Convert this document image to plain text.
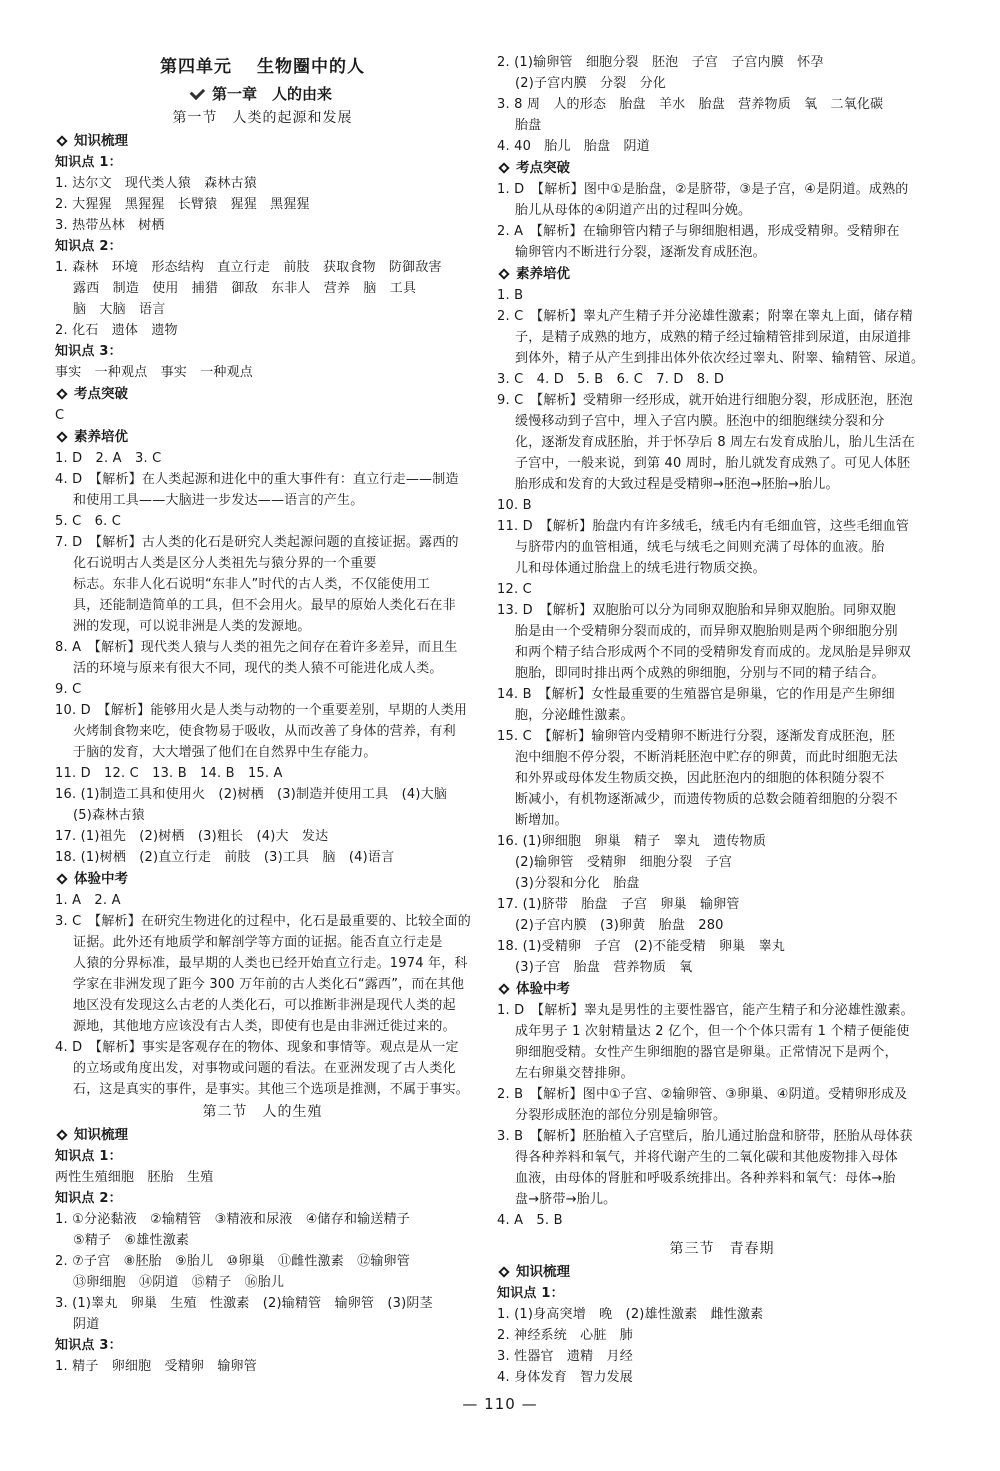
第四单元　 生物圈中的人
第一章　人的由来
第一节　人类的起源和发展
知识梳理
知识点 1：
1. 达尔文　现代类人猿　森林古猿
2. 大猩猩　黑猩猩　长臂猿　猩猩　黑猩猩
3. 热带丛林　树栖
知识点 2：
1. 森林　环境　形态结构　直立行走　前肢　获取食物　防御敌害
露西　制造　使用　捕猎　御敌　东非人　营养　脑　工具
脑　大脑　语言
2. 化石　遗体　遗物
知识点 3：
事实　一种观点　事实　一种观点
考点突破
C
素养培优
1. D　2. A　3. C
4. D　【解析】在人类起源和进化中的重大事件有：直立行走——制造
和使用工具——大脑进一步发达——语言的产生。
5. C　6. C
7. D　【解析】古人类的化石是研究人类起源问题的直接证据。露西的
化石说明古人类是区分人类祖先与猿分界的一个重要
标志。东非人化石说明“东非人”时代的古人类，不仅能使用工
具，还能制造简单的工具，但不会用火。最早的原始人类化石在非
洲的发现，可以说非洲是人类的发源地。
8. A　【解析】现代类人猿与人类的祖先之间存在着许多差异，而且生
活的环境与原来有很大不同，现代的类人猿不可能进化成人类。
9. C
10. D　【解析】能够用火是人类与动物的一个重要差别，早期的人类用
火烤制食物来吃，使食物易于吸收，从而改善了身体的营养，有利
于脑的发育，大大增强了他们在自然界中生存能力。
11. D　12. C　13. B　14. B　15. A
16. (1)制造工具和使用火　(2)树栖　(3)制造并使用工具　(4)大脑
(5)森林古猿
17. (1)祖先　(2)树栖　(3)粗长　(4)大　发达
18. (1)树栖　(2)直立行走　前肢　(3)工具　脑　(4)语言
体验中考
1. A　2. A
3. C　【解析】在研究生物进化的过程中，化石是最重要的、比较全面的
证据。此外还有地质学和解剖学等方面的证据。能否直立行走是
人猿的分界标准，最早期的人类也已经开始直立行走。1974 年，科
学家在非洲发现了距今 300 万年前的古人类化石“露西”，而在其他
地区没有发现这么古老的人类化石，可以推断非洲是现代人类的起
源地，其他地方应该没有古人类，即使有也是由非洲迁徙过来的。
4. D　【解析】事实是客观存在的物体、现象和事情等。观点是从一定
的立场或角度出发，对事物或问题的看法。在亚洲发现了古人类化
石，这是真实的事件，是事实。其他三个选项是推测，不属于事实。
第二节　人的生殖
知识梳理
知识点 1：
两性生殖细胞　胚胎　生殖
知识点 2：
1. ①分泌黏液　②输精管　③精液和尿液　④储存和输送精子
⑤精子　⑥雄性激素
2. ⑦子宫　⑧胚胎　⑨胎儿　⑩卵巢　⑪雌性激素　⑫输卵管
⑬卵细胞　⑭阴道　⑮精子　⑯胎儿
3. (1)睾丸　卵巢　生殖　性激素　(2)输精管　输卵管　(3)阴茎
阴道
知识点 3：
1. 精子　卵细胞　受精卵　输卵管
2. (1)输卵管　细胞分裂　胚泡　子宫　子宫内膜　怀孕
(2)子宫内膜　分裂　分化
3. 8 周　人的形态　胎盘　羊水　胎盘　营养物质　氧　二氧化碳
胎盘
4. 40　胎儿　胎盘　阴道
考点突破
1. D　【解析】图中①是胎盘，②是脐带，③是子宫，④是阴道。成熟的
胎儿从母体的④阴道产出的过程叫分娩。
2. A　【解析】在输卵管内精子与卵细胞相遇，形成受精卵。受精卵在
输卵管内不断进行分裂，逐渐发育成胚泡。
素养培优
1. B
2. C　【解析】睾丸产生精子并分泌雄性激素；附睾在睾丸上面，储存精
子，是精子成熟的地方，成熟的精子经过输精管排到尿道，由尿道排
到体外，精子从产生到排出体外依次经过睾丸、附睾、输精管、尿道。
3. C　4. D　5. B　6. C　7. D　8. D
9. C　【解析】受精卵一经形成，就开始进行细胞分裂，形成胚泡，胚泡
缓慢移动到子宫中，埋入子宫内膜。胚泡中的细胞继续分裂和分
化，逐渐发育成胚胎，并于怀孕后 8 周左右发育成胎儿，胎儿生活在
子宫中，一般来说，到第 40 周时，胎儿就发育成熟了。可见人体胚
胎形成和发育的大致过程是受精卵→胚泡→胚胎→胎儿。
10. B
11. D　【解析】胎盘内有许多绒毛，绒毛内有毛细血管，这些毛细血管
与脐带内的血管相通，绒毛与绒毛之间则充满了母体的血液。胎
儿和母体通过胎盘上的绒毛进行物质交换。
12. C
13. D　【解析】双胞胎可以分为同卵双胞胎和异卵双胞胎。同卵双胞
胎是由一个受精卵分裂而成的，而异卵双胞胎则是两个卵细胞分别
和两个精子结合形成两个不同的受精卵发育而成的。龙凤胎是异卵双
胞胎，即同时排出两个成熟的卵细胞，分别与不同的精子结合。
14. B　【解析】女性最重要的生殖器官是卵巢，它的作用是产生卵细
胞，分泌雌性激素。
15. C　【解析】输卵管内受精卵不断进行分裂，逐渐发育成胚泡，胚
泡中细胞不停分裂，不断消耗胚泡中贮存的卵黄，而此时细胞无法
和外界或母体发生物质交换，因此胚泡内的细胞的体积随分裂不
断减小，有机物逐渐减少，而遗传物质的总数会随着细胞的分裂不
断增加。
16. (1)卵细胞　卵巢　精子　睾丸　遗传物质
(2)输卵管　受精卵　细胞分裂　子宫
(3)分裂和分化　胎盘
17. (1)脐带　胎盘　子宫　卵巢　输卵管
(2)子宫内膜　(3)卵黄　胎盘　280
18. (1)受精卵　子宫　(2)不能受精　卵巢　睾丸
(3)子宫　胎盘　营养物质　氧
体验中考
1. D　【解析】睾丸是男性的主要性器官，能产生精子和分泌雄性激素。
成年男子 1 次射精量达 2 亿个，但一个个体只需有 1 个精子便能使
卵细胞受精。女性产生卵细胞的器官是卵巢。正常情况下是两个，
左右卵巢交替排卵。
2. B　【解析】图中①子宫、②输卵管、③卵巢、④阴道。受精卵形成及
分裂形成胚泡的部位分别是输卵管。
3. B　【解析】胚胎植入子宫壁后，胎儿通过胎盘和脐带，胚胎从母体获
得各种养料和氧气，并将代谢产生的二氧化碳和其他废物排入母体
血液，由母体的肾脏和呼吸系统排出。各种养料和氧气：母体→胎
盘→脐带→胎儿。
4. A　5. B
第三节　青春期
知识梳理
知识点 1：
1. (1)身高突增　晚　(2)雄性激素　雌性激素
2. 神经系统　心脏　肺
3. 性器官　遗精　月经
4. 身体发育　智力发展
— 110 —
